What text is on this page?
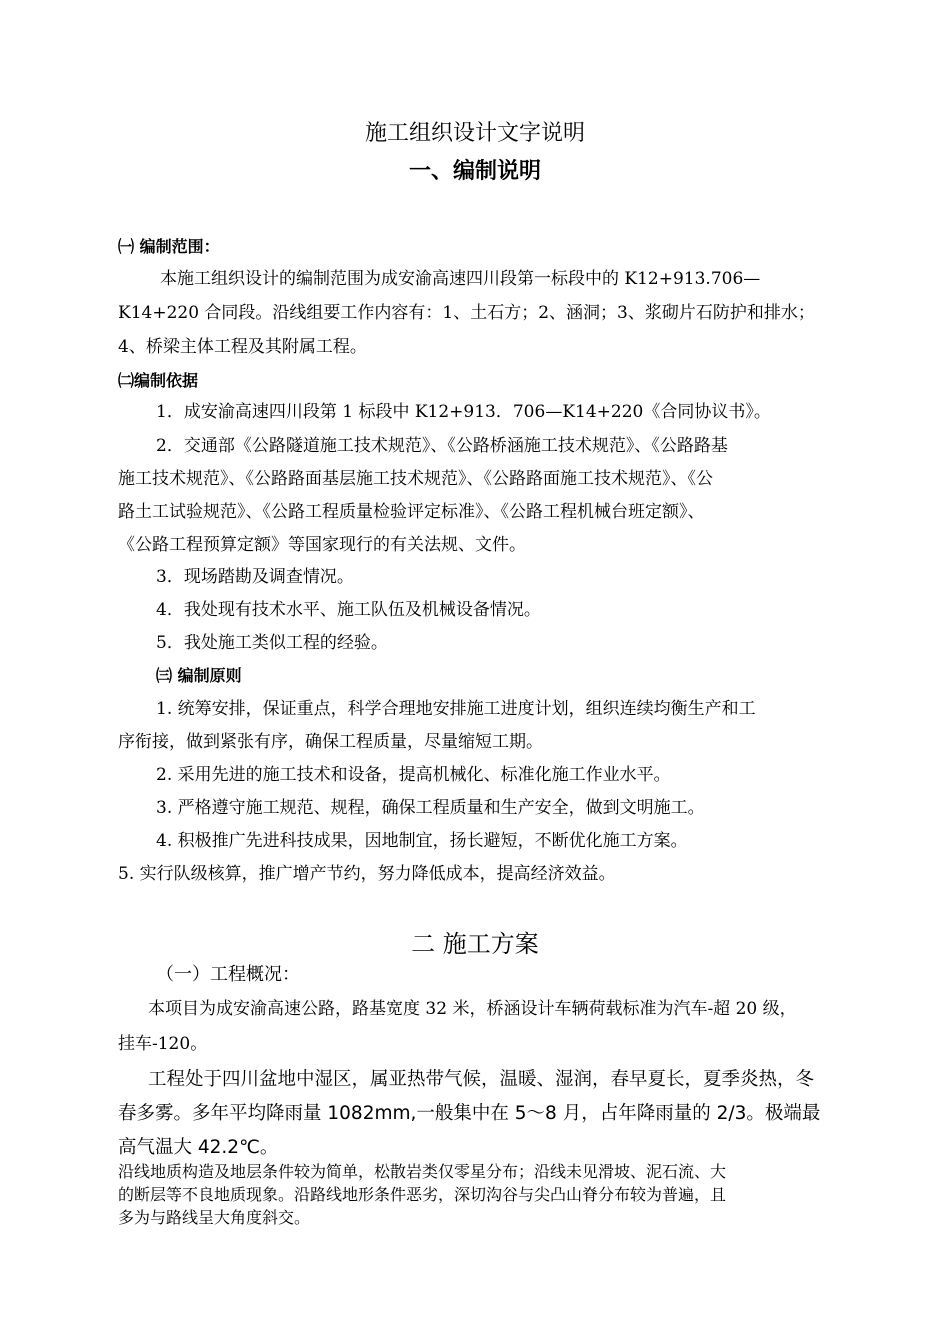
施工组织设计文字说明
一、编制说明
㈠ 编制范围：
本施工组织设计的编制范围为成安渝高速四川段第一标段中的 K12+913.706—
K14+220 合同段。沿线组要工作内容有：1、土石方；2、涵洞；3、浆砌片石防护和排水；
4、桥梁主体工程及其附属工程。
㈡编制依据
1．成安渝高速四川段第 1 标段中 K12+913．706—K14+220《合同协议书》。
2．交通部《公路隧道施工技术规范》、《公路桥涵施工技术规范》、《公路路基
施工技术规范》、《公路路面基层施工技术规范》、《公路路面施工技术规范》、《公
路土工试验规范》、《公路工程质量检验评定标准》、《公路工程机械台班定额》、
《公路工程预算定额》等国家现行的有关法规、文件。
3．现场踏勘及调查情况。
4．我处现有技术水平、施工队伍及机械设备情况。
5．我处施工类似工程的经验。
㈢ 编制原则
1. 统筹安排，保证重点，科学合理地安排施工进度计划，组织连续均衡生产和工
序衔接，做到紧张有序，确保工程质量，尽量缩短工期。
2. 采用先进的施工技术和设备，提高机械化、标准化施工作业水平。
3. 严格遵守施工规范、规程，确保工程质量和生产安全，做到文明施工。
4. 积极推广先进科技成果，因地制宜，扬长避短，不断优化施工方案。
5. 实行队级核算，推广增产节约，努力降低成本，提高经济效益。
二 施工方案
（一）工程概况：
本项目为成安渝高速公路，路基宽度 32 米，桥涵设计车辆荷载标准为汽车-超 20 级，
挂车-120。
工程处于四川盆地中湿区，属亚热带气候，温暖、湿润，春早夏长，夏季炎热，冬
春多雾。多年平均降雨量 1082mm,一般集中在 5～8 月，占年降雨量的 2/3。极端最
高气温大 42.2℃。
沿线地质构造及地层条件较为简单，松散岩类仅零星分布；沿线未见滑坡、泥石流、大
的断层等不良地质现象。沿路线地形条件恶劣，深切沟谷与尖凸山脊分布较为普遍，且
多为与路线呈大角度斜交。
